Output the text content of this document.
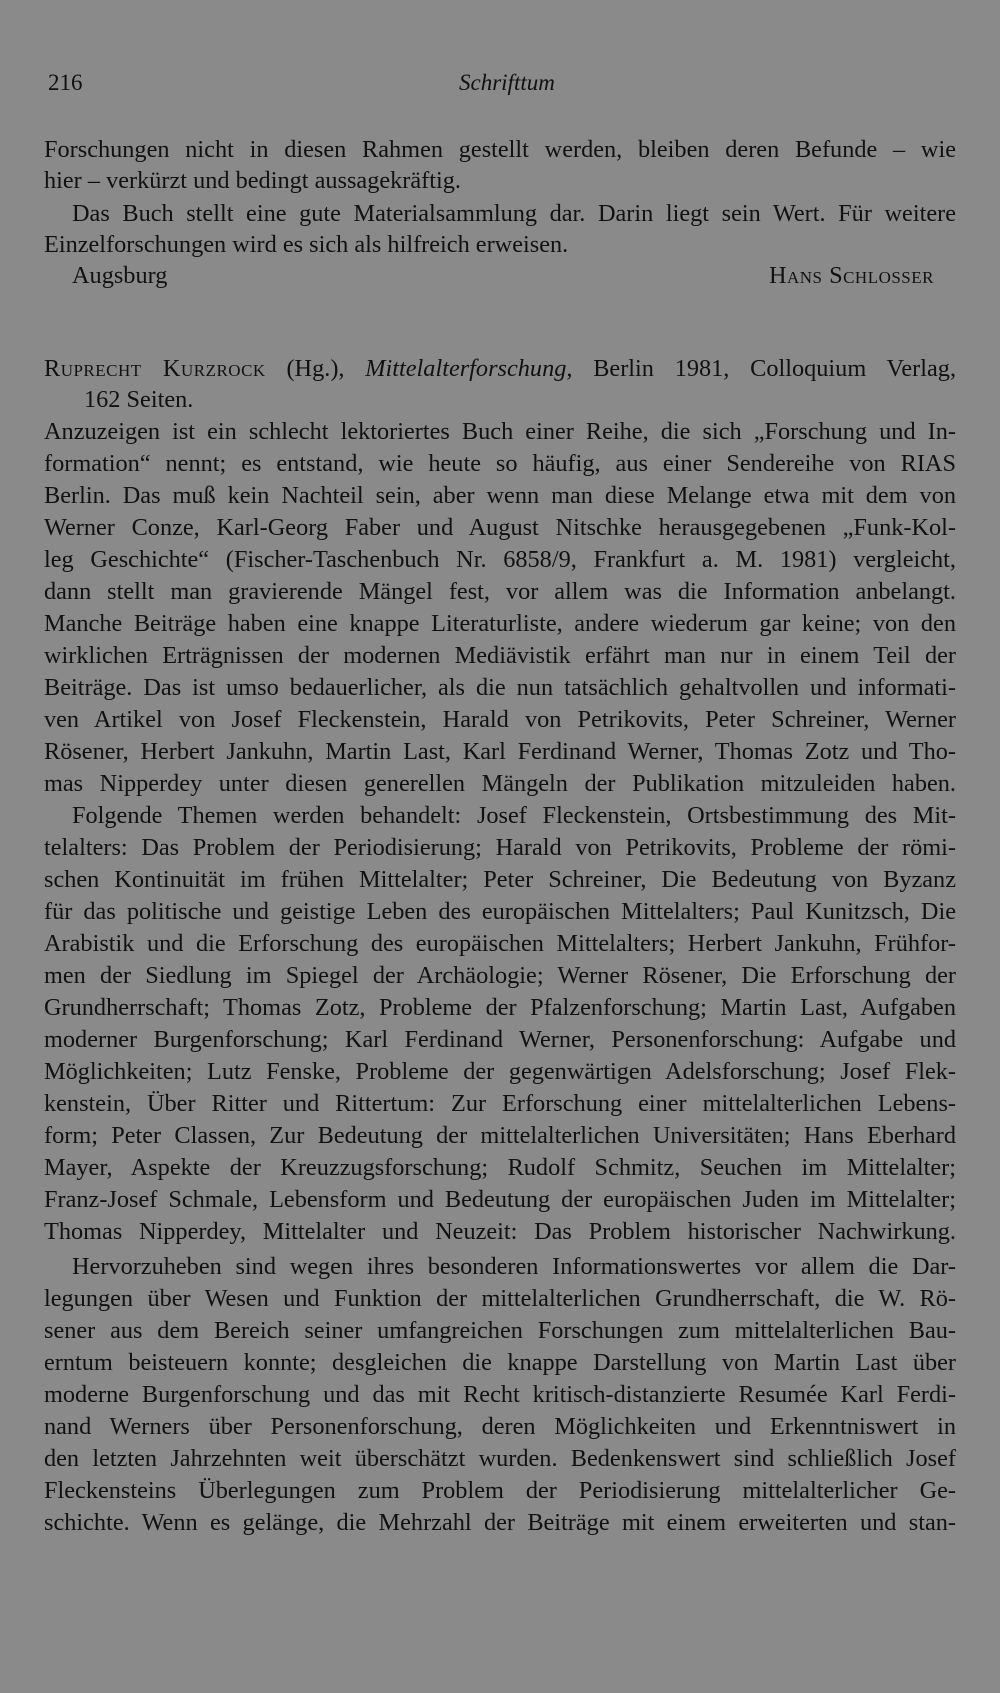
216	Schrifttum
Forschungen nicht in diesen Rahmen gestellt werden, bleiben deren Befunde – wie
hier – verkürzt und bedingt aussagekräftig.
Das Buch stellt eine gute Materialsammlung dar. Darin liegt sein Wert. Für weitere
Einzelforschungen wird es sich als hilfreich erweisen.
Augsburg	Hans Schlosser
Ruprecht Kurzrock (Hg.), Mittelalterforschung, Berlin 1981, Colloquium Verlag,
162 Seiten.
Anzuzeigen ist ein schlecht lektoriertes Buch einer Reihe, die sich „Forschung und In-
formation“ nennt; es entstand, wie heute so häufig, aus einer Sendereihe von RIAS
Berlin. Das muß kein Nachteil sein, aber wenn man diese Melange etwa mit dem von
Werner Conze, Karl-Georg Faber und August Nitschke herausgegebenen „Funk-Kol-
leg Geschichte“ (Fischer-Taschenbuch Nr. 6858/9, Frankfurt a. M. 1981) vergleicht,
dann stellt man gravierende Mängel fest, vor allem was die Information anbelangt.
Manche Beiträge haben eine knappe Literaturliste, andere wiederum gar keine; von den
wirklichen Erträgnissen der modernen Mediävistik erfährt man nur in einem Teil der
Beiträge. Das ist umso bedauerlicher, als die nun tatsächlich gehaltvollen und informati-
ven Artikel von Josef Fleckenstein, Harald von Petrikovits, Peter Schreiner, Werner
Rösener, Herbert Jankuhn, Martin Last, Karl Ferdinand Werner, Thomas Zotz und Tho-
mas Nipperdey unter diesen generellen Mängeln der Publikation mitzuleiden haben.
Folgende Themen werden behandelt: Josef Fleckenstein, Ortsbestimmung des Mit-
telalters: Das Problem der Periodisierung; Harald von Petrikovits, Probleme der römi-
schen Kontinuität im frühen Mittelalter; Peter Schreiner, Die Bedeutung von Byzanz
für das politische und geistige Leben des europäischen Mittelalters; Paul Kunitzsch, Die
Arabistik und die Erforschung des europäischen Mittelalters; Herbert Jankuhn, Frühfor-
men der Siedlung im Spiegel der Archäologie; Werner Rösener, Die Erforschung der
Grundherrschaft; Thomas Zotz, Probleme der Pfalzenforschung; Martin Last, Aufgaben
moderner Burgenforschung; Karl Ferdinand Werner, Personenforschung: Aufgabe und
Möglichkeiten; Lutz Fenske, Probleme der gegenwärtigen Adelsforschung; Josef Flek-
kenstein, Über Ritter und Rittertum: Zur Erforschung einer mittelalterlichen Lebens-
form; Peter Classen, Zur Bedeutung der mittelalterlichen Universitäten; Hans Eberhard
Mayer, Aspekte der Kreuzzugsforschung; Rudolf Schmitz, Seuchen im Mittelalter;
Franz-Josef Schmale, Lebensform und Bedeutung der europäischen Juden im Mittelalter;
Thomas Nipperdey, Mittelalter und Neuzeit: Das Problem historischer Nachwirkung.
Hervorzuheben sind wegen ihres besonderen Informationswertes vor allem die Dar-
legungen über Wesen und Funktion der mittelalterlichen Grundherrschaft, die W. Rö-
sener aus dem Bereich seiner umfangreichen Forschungen zum mittelalterlichen Bau-
erntum beisteuern konnte; desgleichen die knappe Darstellung von Martin Last über
moderne Burgenforschung und das mit Recht kritisch-distanzierte Resumée Karl Ferdi-
nand Werners über Personenforschung, deren Möglichkeiten und Erkenntniswert in
den letzten Jahrzehnten weit überschätzt wurden. Bedenkenswert sind schließlich Josef
Fleckensteins Überlegungen zum Problem der Periodisierung mittelalterlicher Ge-
schichte. Wenn es gelänge, die Mehrzahl der Beiträge mit einem erweiterten und stan-
